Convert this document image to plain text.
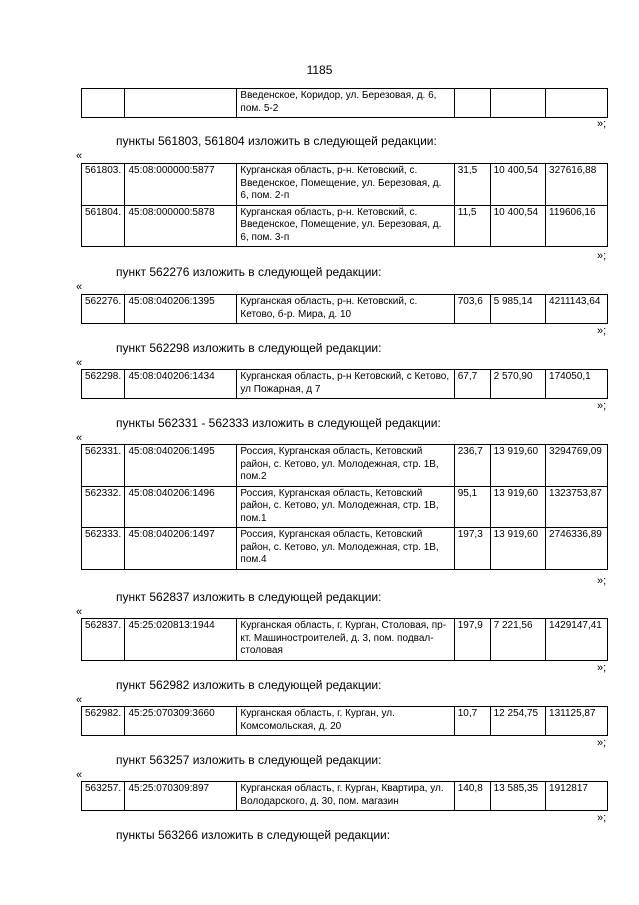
1185
		Введенское, Коридор, ул. Березовая, д. 6, пом. 5-2			
»;
пункты 561803, 561804 изложить в следующей редакции:
«
561803.	45:08:000000:5877	Курганская область, р-н. Кетовский, с. Введенское, Помещение, ул. Березовая, д. 6, пом. 2-п	31,5	10 400,54	327616,88
561804.	45:08:000000:5878	Курганская область, р-н. Кетовский, с. Введенское, Помещение, ул. Березовая, д. 6, пом. 3-п	11,5	10 400,54	119606,16
»;
пункт 562276 изложить в следующей редакции:
«
562276.	45:08:040206:1395	Курганская область, р-н. Кетовский, с. Кетово, б-р. Мира, д. 10	703,6	5 985,14	4211143,64
»;
пункт 562298 изложить в следующей редакции:
«
562298.	45:08:040206:1434	Курганская область, р-н Кетовский, с Кетово, ул Пожарная, д 7	67,7	2 570,90	174050,1
»;
пункты 562331 - 562333 изложить в следующей редакции:
«
562331.	45:08:040206:1495	Россия, Курганская область, Кетовский район, с. Кетово, ул. Молодежная, стр. 1В, пом.2	236,7	13 919,60	3294769,09
562332.	45:08:040206:1496	Россия, Курганская область, Кетовский район, с. Кетово, ул. Молодежная, стр. 1В, пом.1	95,1	13 919,60	1323753,87
562333.	45:08:040206:1497	Россия, Курганская область, Кетовский район, с. Кетово, ул. Молодежная, стр. 1В, пом.4	197,3	13 919,60	2746336,89
»;
пункт 562837 изложить в следующей редакции:
«
562837.	45:25:020813:1944	Курганская область, г. Курган, Столовая, пр-кт. Машиностроителей, д. 3, пом. подвал-столовая	197,9	7 221,56	1429147,41
»;
пункт 562982 изложить в следующей редакции:
«
562982.	45:25:070309:3660	Курганская область, г. Курган, ул. Комсомольская, д. 20	10,7	12 254,75	131125,87
»;
пункт 563257 изложить в следующей редакции:
«
563257.	45:25:070309:897	Курганская область, г. Курган, Квартира, ул. Володарского, д. 30, пом. магазин	140,8	13 585,35	1912817
»;
пункты 563266 изложить в следующей редакции:
